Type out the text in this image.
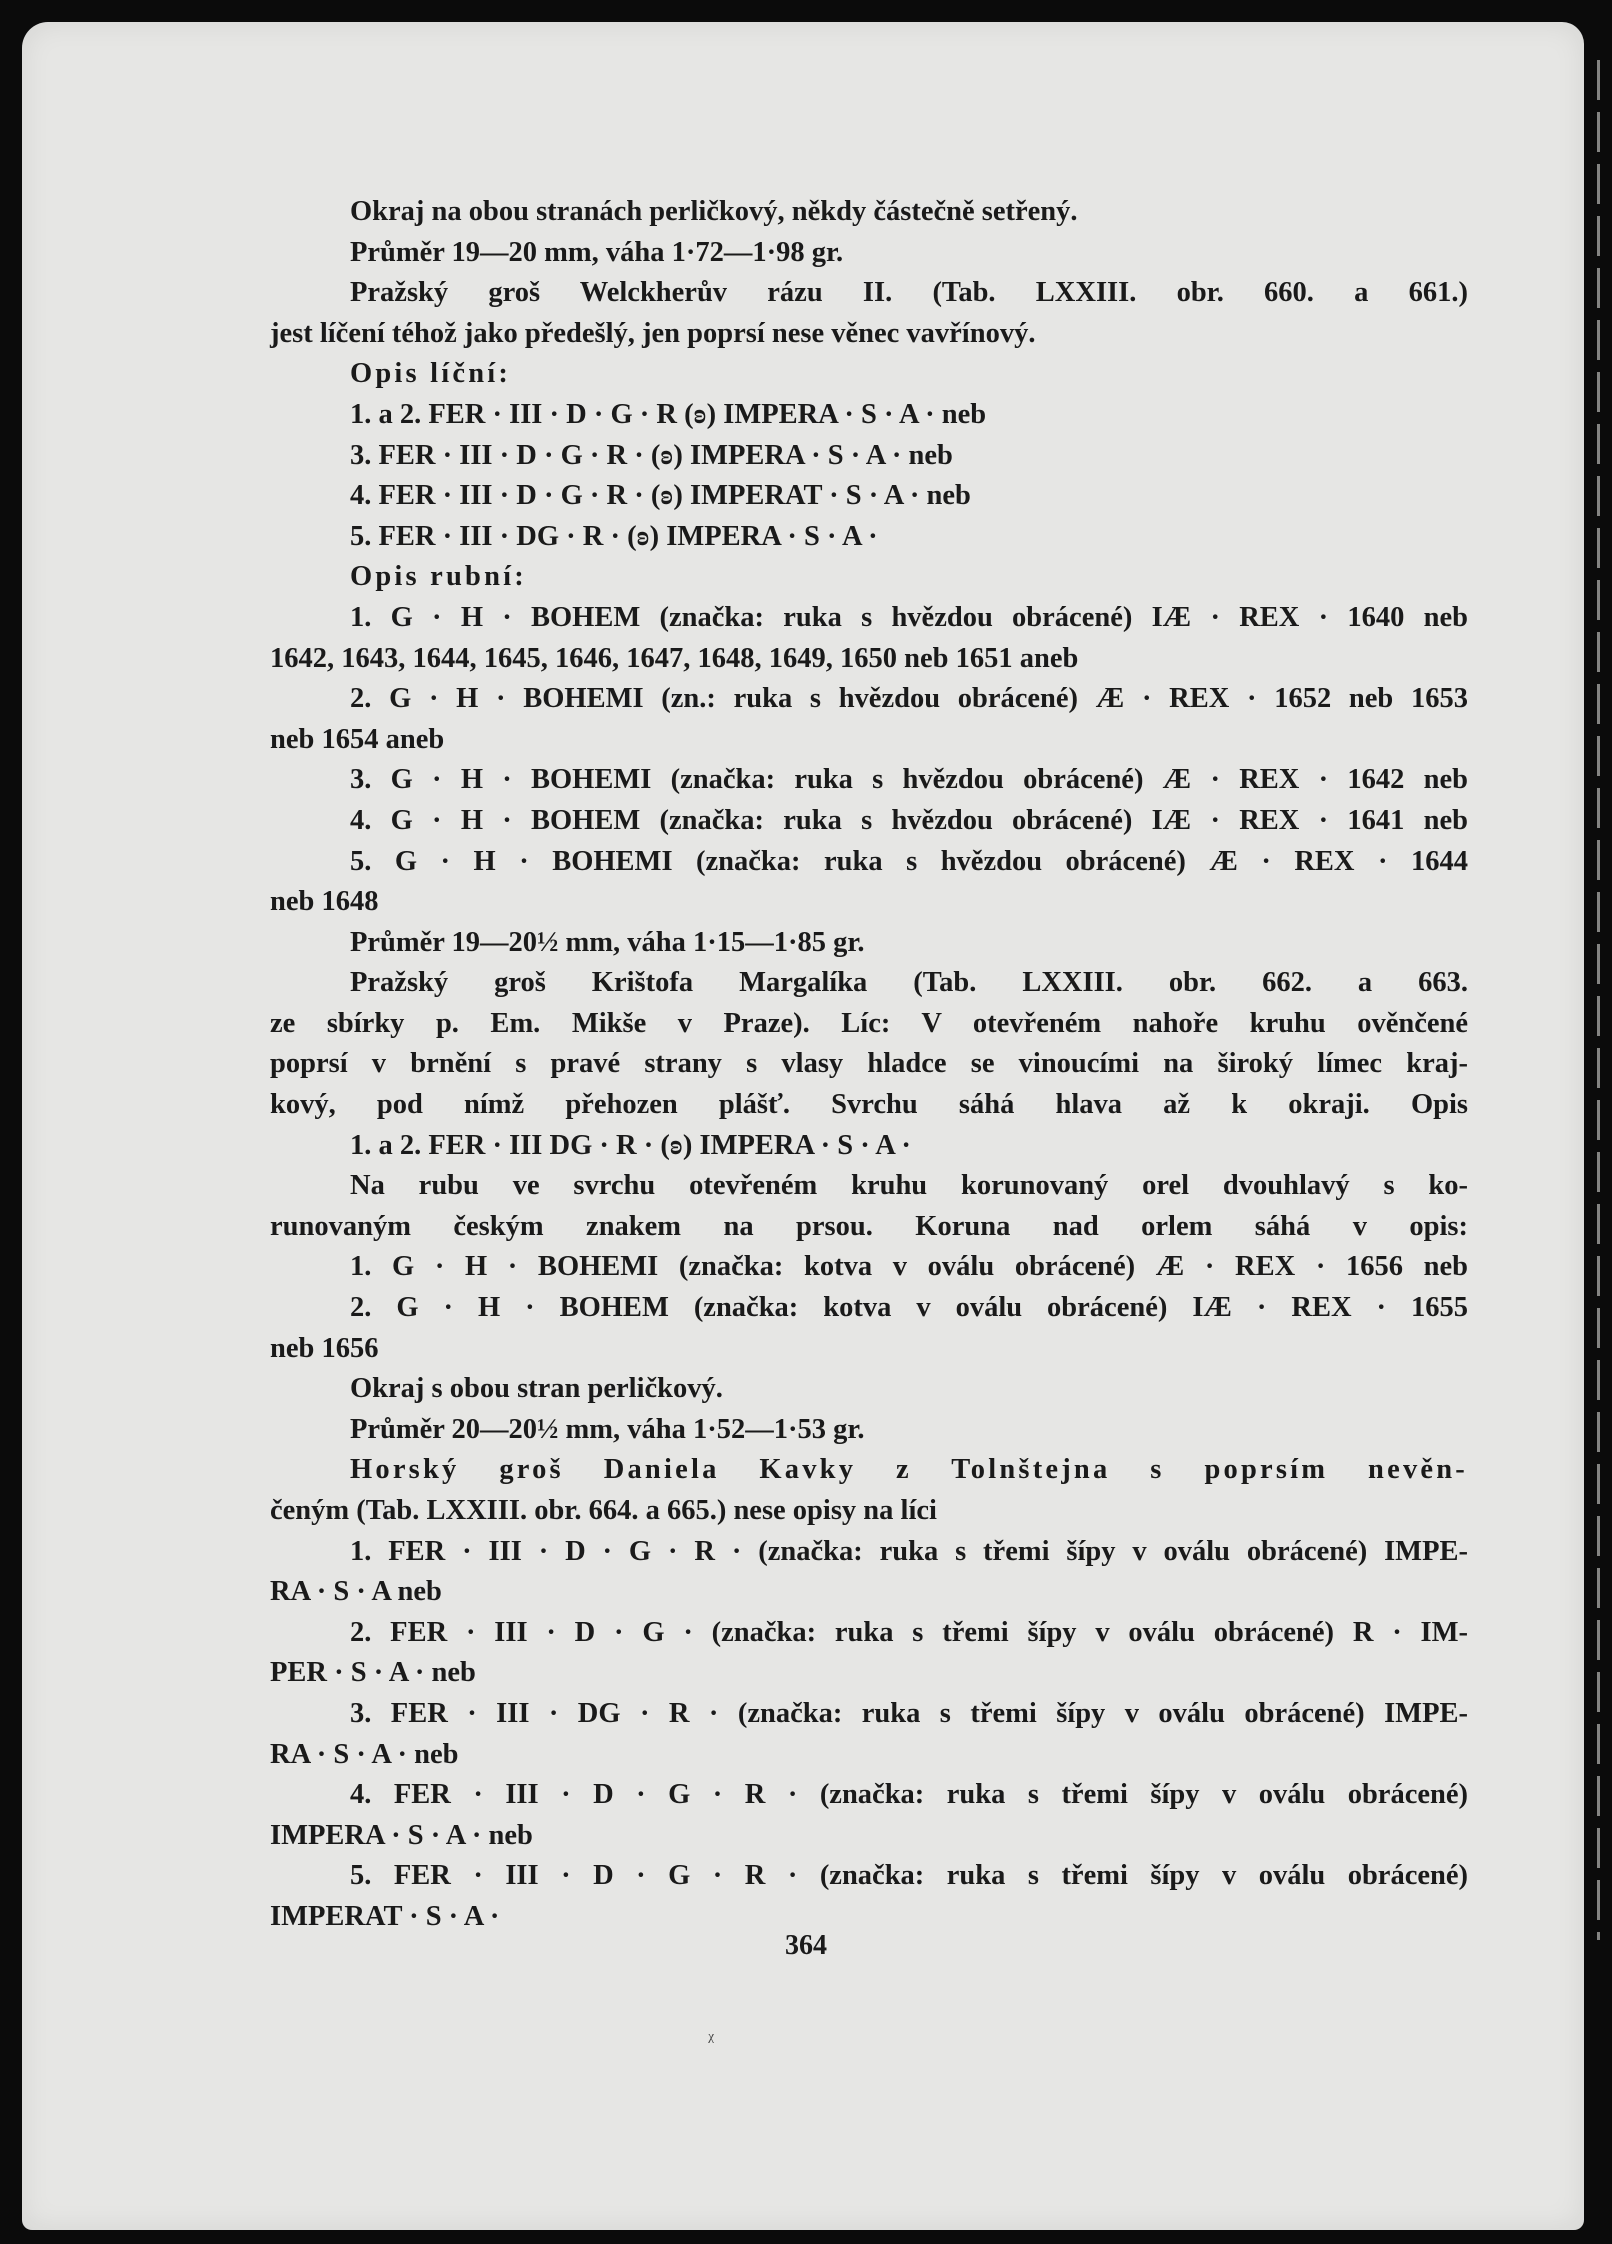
Okraj na obou stranách perličkový, někdy částečně setřený.
Průměr 19—20 mm, váha 1·72—1·98 gr.
Pražský groš Welckherův rázu II. (Tab. LXXIII. obr. 660. a 661.)
jest líčení téhož jako předešlý, jen poprsí nese věnec vavřínový.
Opis líční:
1. a 2. FER · III · D · G · R (ʚ) IMPERA · S · A · neb
3. FER · III · D · G · R · (ʚ) IMPERA · S · A · neb
4. FER · III · D · G · R · (ʚ) IMPERAT · S · A · neb
5. FER · III · DG · R · (ʚ) IMPERA · S · A ·
Opis rubní:
1. G · H · BOHEM (značka: ruka s hvězdou obrácené) IÆ · REX · 1640 neb
1642, 1643, 1644, 1645, 1646, 1647, 1648, 1649, 1650 neb 1651 aneb
2. G · H · BOHEMI (zn.: ruka s hvězdou obrácené) Æ · REX · 1652 neb 1653
neb 1654 aneb
3. G · H · BOHEMI (značka: ruka s hvězdou obrácené) Æ · REX · 1642 neb
4. G · H · BOHEM (značka: ruka s hvězdou obrácené) IÆ · REX · 1641 neb
5. G · H · BOHEMI (značka: ruka s hvězdou obrácené) Æ · REX · 1644
neb 1648
Průměr 19—20½ mm, váha 1·15—1·85 gr.
Pražský groš Krištofa Margalíka (Tab. LXXIII. obr. 662. a 663.
ze sbírky p. Em. Mikše v Praze). Líc: V otevřeném nahoře kruhu ověnčené
poprsí v brnění s pravé strany s vlasy hladce se vinoucími na široký límec kraj-
kový, pod nímž přehozen plášť. Svrchu sáhá hlava až k okraji. Opis
1. a 2. FER · III DG · R · (ʚ) IMPERA · S · A ·
Na rubu ve svrchu otevřeném kruhu korunovaný orel dvouhlavý s ko-
runovaným českým znakem na prsou. Koruna nad orlem sáhá v opis:
1. G · H · BOHEMI (značka: kotva v oválu obrácené) Æ · REX · 1656 neb
2. G · H · BOHEM (značka: kotva v oválu obrácené) IÆ · REX · 1655
neb 1656
Okraj s obou stran perličkový.
Průměr 20—20½ mm, váha 1·52—1·53 gr.
Horský groš Daniela Kavky z Tolnštejna s poprsím nevěn-
čeným (Tab. LXXIII. obr. 664. a 665.) nese opisy na líci
1. FER · III · D · G · R · (značka: ruka s třemi šípy v oválu obrácené) IMPE-
RA · S · A neb
2. FER · III · D · G · (značka: ruka s třemi šípy v oválu obrácené) R · IM-
PER · S · A · neb
3. FER · III · DG · R · (značka: ruka s třemi šípy v oválu obrácené) IMPE-
RA · S · A · neb
4. FER · III · D · G · R · (značka: ruka s třemi šípy v oválu obrácené)
IMPERA · S · A · neb
5. FER · III · D · G · R · (značka: ruka s třemi šípy v oválu obrácené)
IMPERAT · S · A ·
364
ᵪ
